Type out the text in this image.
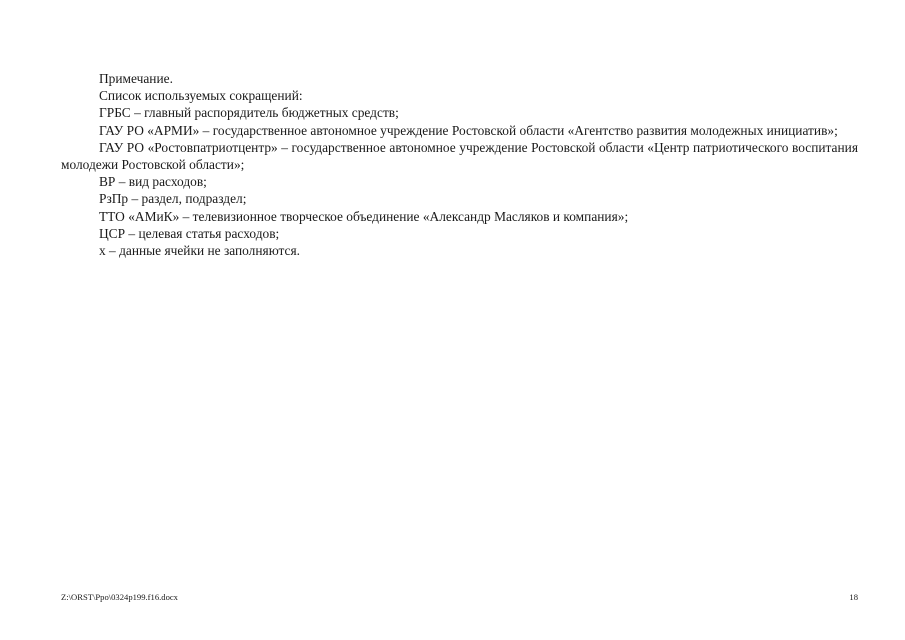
Примечание.

Список используемых сокращений:

ГРБС – главный распорядитель бюджетных средств;

ГАУ РО «АРМИ» – государственное автономное учреждение Ростовской области «Агентство развития молодежных инициатив»;

ГАУ РО «Ростовпатриотцентр» – государственное автономное учреждение Ростовской области «Центр патриотического воспитания молодежи Ростовской области»;

ВР – вид расходов;

РзПр – раздел, подраздел;

ТТО «АМиК» – телевизионное творческое объединение «Александр Масляков и компания»;

ЦСР – целевая статья расходов;

х – данные ячейки не заполняются.

Z:\ORST\Ppo\0324p199.f16.docx	18
